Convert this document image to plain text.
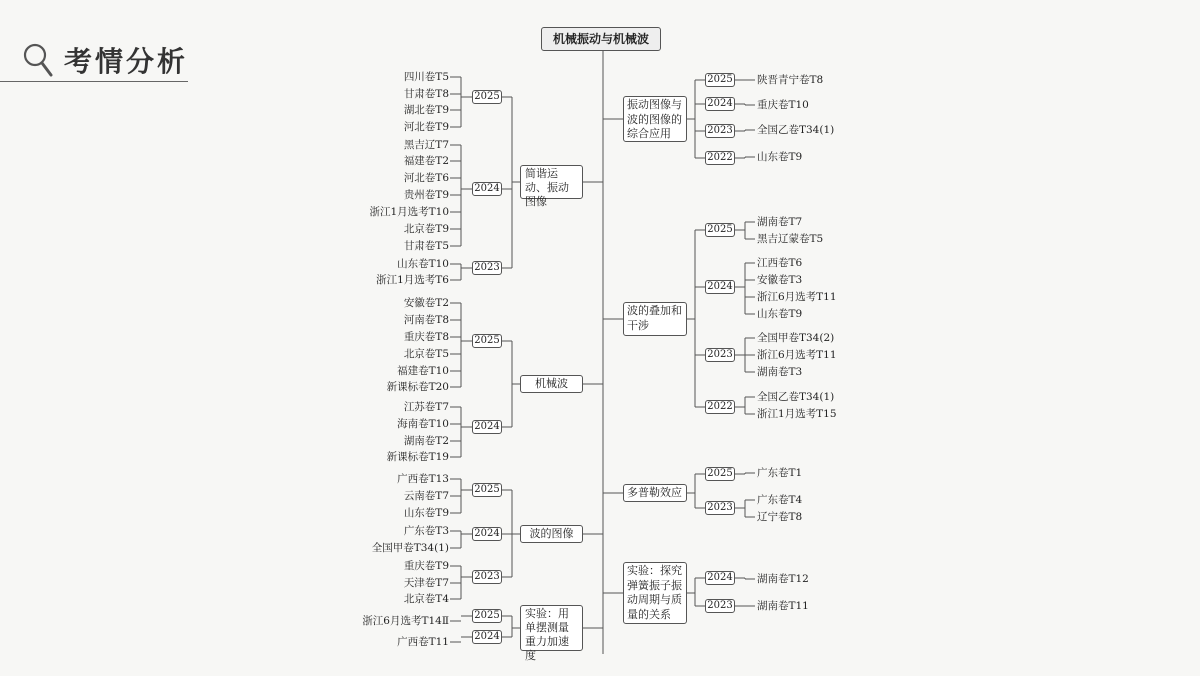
考情分析
机械振动与机械波
简谐运动、振动图像
2025
四川卷T5
甘肃卷T8
湖北卷T9
河北卷T9
2024
黑吉辽T7
福建卷T2
河北卷T6
贵州卷T9
浙江1月选考T10
北京卷T9
甘肃卷T5
2023
山东卷T10
浙江1月选考T6
机械波
2025
安徽卷T2
河南卷T8
重庆卷T8
北京卷T5
福建卷T10
新课标卷T20
2024
江苏卷T7
海南卷T10
湖南卷T2
新课标卷T19
波的图像
2025
广西卷T13
云南卷T7
山东卷T9
2024
广东卷T3
全国甲卷T34(1)
2023
重庆卷T9
天津卷T7
北京卷T4
实验：用单摆测量重力加速度
2025
浙江6月选考T14Ⅱ
2024
广西卷T11
振动图像与波的图像的综合应用
2025 陕晋青宁卷T8
2024 重庆卷T10
2023 全国乙卷T34(1)
2022 山东卷T9
波的叠加和干涉
2025
湖南卷T7
黑吉辽蒙卷T5
2024
江西卷T6
安徽卷T3
浙江6月选考T11
山东卷T9
2023
全国甲卷T34(2)
浙江6月选考T11
湖南卷T3
2022
全国乙卷T34(1)
浙江1月选考T15
多普勒效应
2025 广东卷T1
2023
广东卷T4
辽宁卷T8
实验：探究弹簧振子振动周期与质量的关系
2024 湖南卷T12
2023 湖南卷T11
